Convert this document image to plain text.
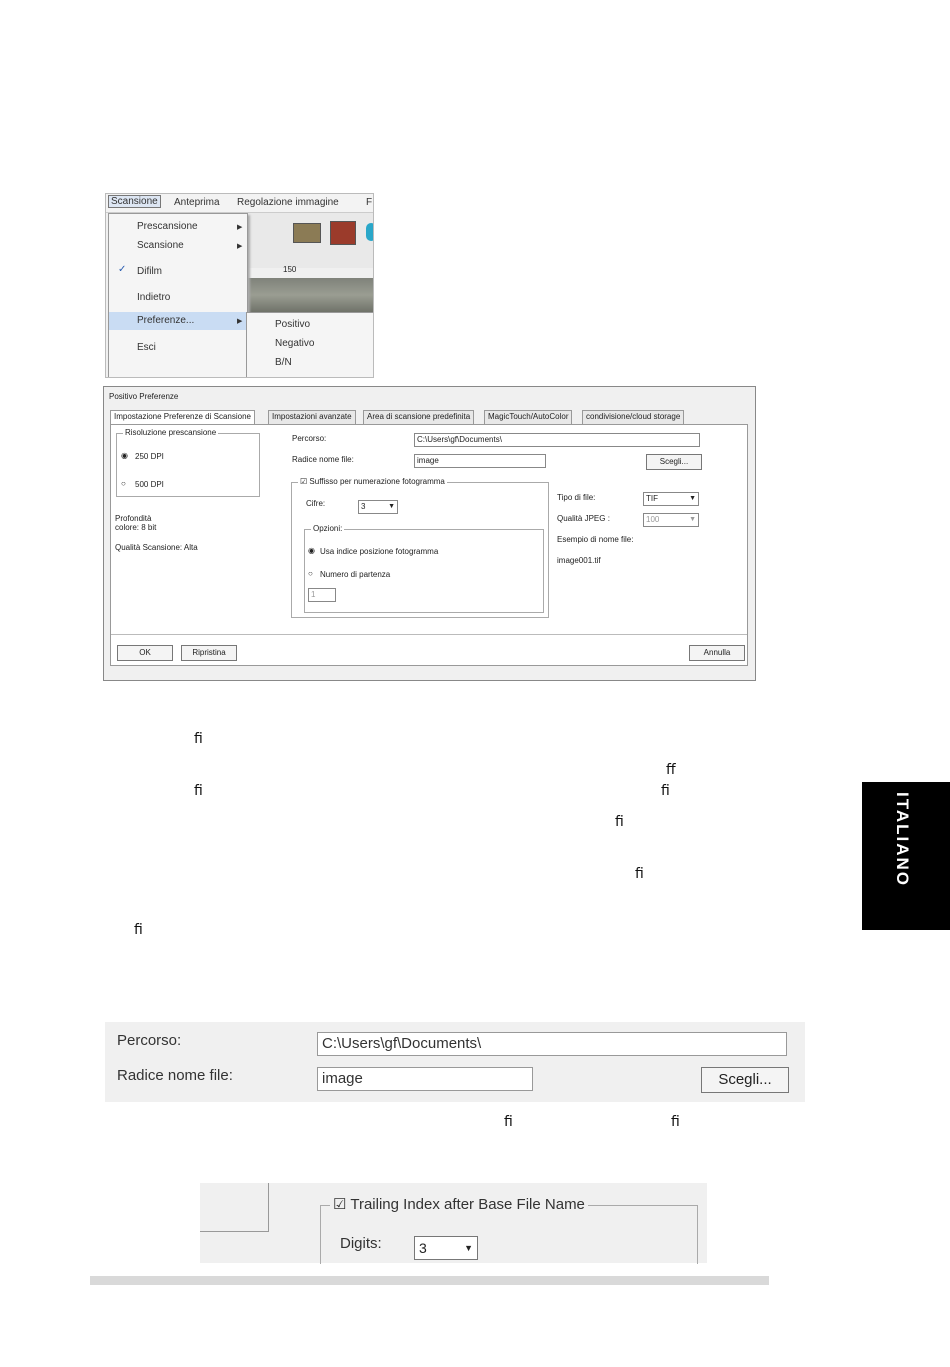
Scansione	Anteprima Regolazione immagine	F
150
Prescansione	▶
Scansione	▶
✓ Difilm
Indietro
Preferenze...	▶
Esci
Positivo
Negativo
B/N
Positivo Preferenze
Impostazione Preferenze di Scansione	Impostazioni avanzate	Area di scansione predefinita	MagicTouch/AutoColor	condivisione/cloud storage
Risoluzione prescansione
◉ 250 DPI
○ 500 DPI
Profondità
colore: 8 bit
Qualità Scansione: Alta
Percorso:	C:\Users\gf\Documents\
Radice nome file:	image	Scegli...
☑ Suffisso per numerazione fotogramma
Cifre:	3	▼
Opzioni:
◉ Usa indice posizione fotogramma
○ Numero di partenza
1
Tipo di file:	TIF	▼
Qualità JPEG :	100	▼
Esempio di nome file:
image001.tif
OK	Ripristina	Annulla
fi
ff
fi	fi
fi
fi
fi
ITALIANO
Percorso:	C:\Users\gf\Documents\
Radice nome file:	image	Scegli...
fi	fi
☑ Trailing Index after Base File Name
Digits:	3	▼
